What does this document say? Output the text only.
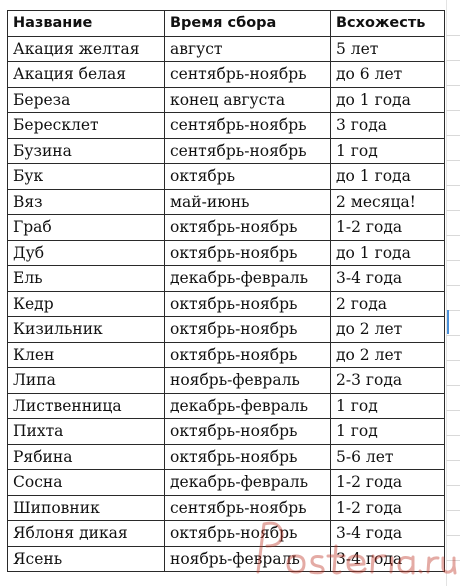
Название	Время сбора	Всхожесть
Акация желтая	август	5 лет
Акация белая	сентябрь-ноябрь	до 6 лет
Береза	конец августа	до 1 года
Бересклет	сентябрь-ноябрь	3 года
Бузина	сентябрь-ноябрь	1 год
Бук	октябрь	до 1 года
Вяз	май-июнь	2 месяца!
Граб	октябрь-ноябрь	1-2 года
Дуб	октябрь-ноябрь	до 1 года
Ель	декабрь-февраль	3-4 года
Кедр	октябрь-ноябрь	2 года
Кизильник	октябрь-ноябрь	до 2 лет
Клен	октябрь-ноябрь	до 2 лет
Липа	ноябрь-февраль	2-3 года
Лиственница	декабрь-февраль	1 год
Пихта	октябрь-ноябрь	1 год
Рябина	октябрь-ноябрь	5-6 лет
Сосна	декабрь-февраль	1-2 года
Шиповник	сентябрь-ноябрь	1-2 года
Яблоня дикая	октябрь-ноябрь	3-4 года
Ясень	ноябрь-февраль	3-4 года
